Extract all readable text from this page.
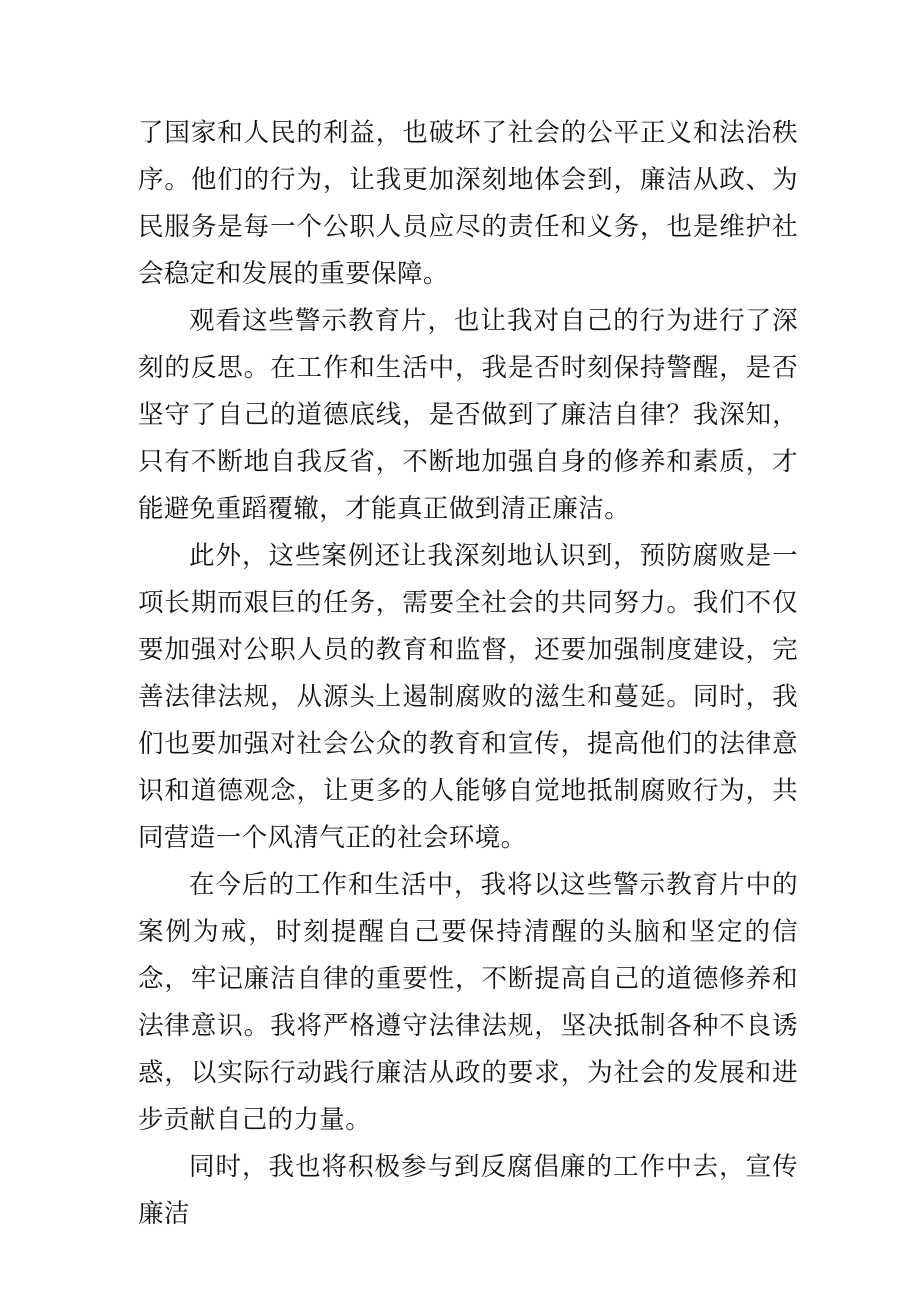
了国家和人民的利益，也破坏了社会的公平正义和法治秩序。他们的行为，让我更加深刻地体会到，廉洁从政、为民服务是每一个公职人员应尽的责任和义务，也是维护社会稳定和发展的重要保障。

观看这些警示教育片，也让我对自己的行为进行了深刻的反思。在工作和生活中，我是否时刻保持警醒，是否坚守了自己的道德底线，是否做到了廉洁自律？我深知，只有不断地自我反省，不断地加强自身的修养和素质，才能避免重蹈覆辙，才能真正做到清正廉洁。

此外，这些案例还让我深刻地认识到，预防腐败是一项长期而艰巨的任务，需要全社会的共同努力。我们不仅要加强对公职人员的教育和监督，还要加强制度建设，完善法律法规，从源头上遏制腐败的滋生和蔓延。同时，我们也要加强对社会公众的教育和宣传，提高他们的法律意识和道德观念，让更多的人能够自觉地抵制腐败行为，共同营造一个风清气正的社会环境。

在今后的工作和生活中，我将以这些警示教育片中的案例为戒，时刻提醒自己要保持清醒的头脑和坚定的信念，牢记廉洁自律的重要性，不断提高自己的道德修养和法律意识。我将严格遵守法律法规，坚决抵制各种不良诱惑，以实际行动践行廉洁从政的要求，为社会的发展和进步贡献自己的力量。

同时，我也将积极参与到反腐倡廉的工作中去，宣传廉洁
